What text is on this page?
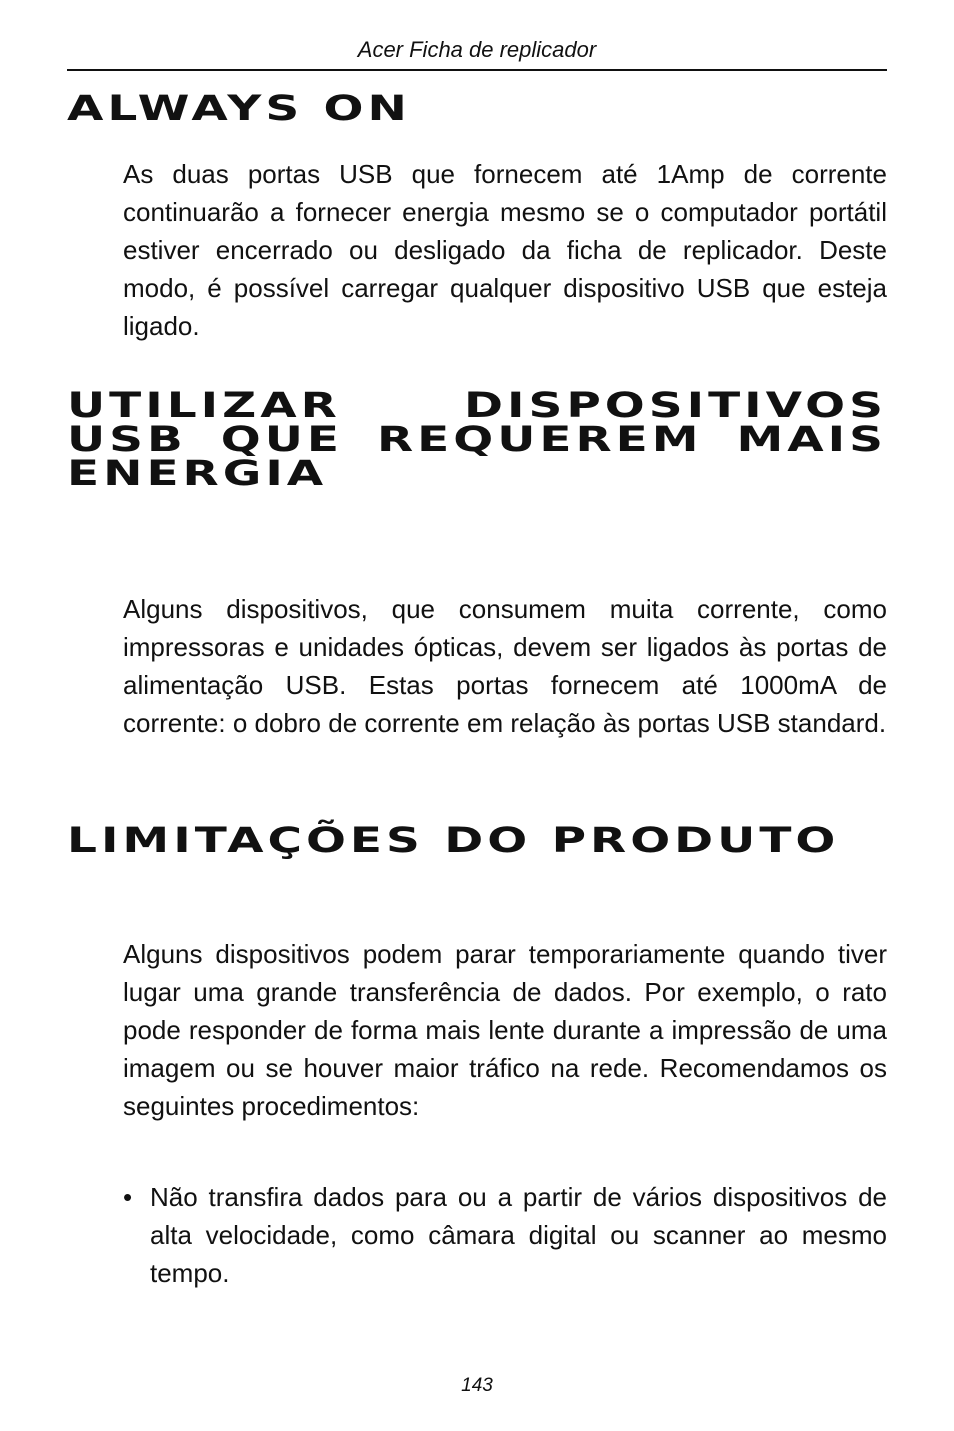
Acer Ficha de replicador
ALWAYS ON

As duas portas USB que fornecem até 1Amp de corrente continuarão a fornecer energia mesmo se o computador portátil estiver encerrado ou desligado da ficha de replicador. Deste modo, é possível carregar qualquer dispositivo USB que esteja ligado.

UTILIZAR DISPOSITIVOS USB QUE REQUEREM MAIS ENERGIA

Alguns dispositivos, que consumem muita corrente, como impressoras e unidades ópticas, devem ser ligados às portas de alimentação USB. Estas portas fornecem até 1000mA de corrente: o dobro de corrente em relação às portas USB standard.

LIMITAÇÕES DO PRODUTO

Alguns dispositivos podem parar temporariamente quando tiver lugar uma grande transferência de dados. Por exemplo, o rato pode responder de forma mais lente durante a impressão de uma imagem ou se houver maior tráfico na rede. Recomendamos os seguintes procedimentos:

• Não transfira dados para ou a partir de vários dispositivos de alta velocidade, como câmara digital ou scanner ao mesmo tempo.
143
